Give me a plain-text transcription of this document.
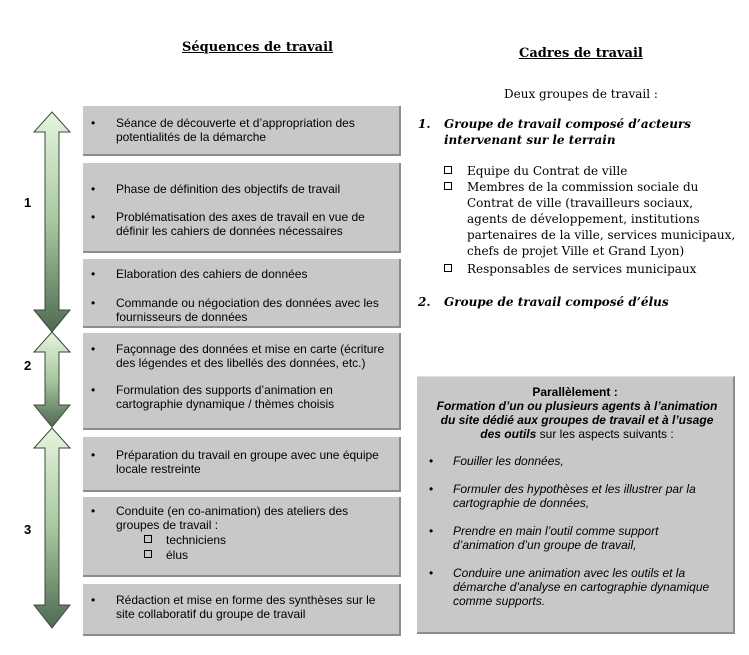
Séquences de travail	Cadres de travail
1
2
3
• Séance de découverte et d’appropriation des potentialités de la démarche
• Phase de définition des objectifs de travail
• Problématisation des axes de travail en vue de définir les cahiers de données nécessaires
• Elaboration des cahiers de données
• Commande ou négociation des données avec les fournisseurs de données
• Façonnage des données et mise en carte (écriture des légendes et des libellés des données, etc.)
• Formulation des supports d’animation en cartographie dynamique / thèmes choisis
• Préparation du travail en groupe avec une équipe locale restreinte
• Conduite (en co-animation) des ateliers des groupes de travail :
techniciens
élus
• Rédaction et mise en forme des synthèses sur le site collaboratif du groupe de travail
Deux groupes de travail :
1. Groupe de travail composé d’acteurs intervenant sur le terrain
Equipe du Contrat de ville
Membres de la commission sociale du Contrat de ville (travailleurs sociaux, agents de développement, institutions partenaires de la ville, services municipaux, chefs de projet Ville et Grand Lyon)
Responsables de services municipaux
2. Groupe de travail composé d’élus
Parallèlement :
Formation d’un ou plusieurs agents à l’animation du site dédié aux groupes de travail et à l’usage des outils sur les aspects suivants :
• Fouiller les données,
• Formuler des hypothèses et les illustrer par la cartographie de données,
• Prendre en main l’outil comme support d’animation d’un groupe de travail,
• Conduire une animation avec les outils et la démarche d’analyse en cartographie dynamique comme supports.
